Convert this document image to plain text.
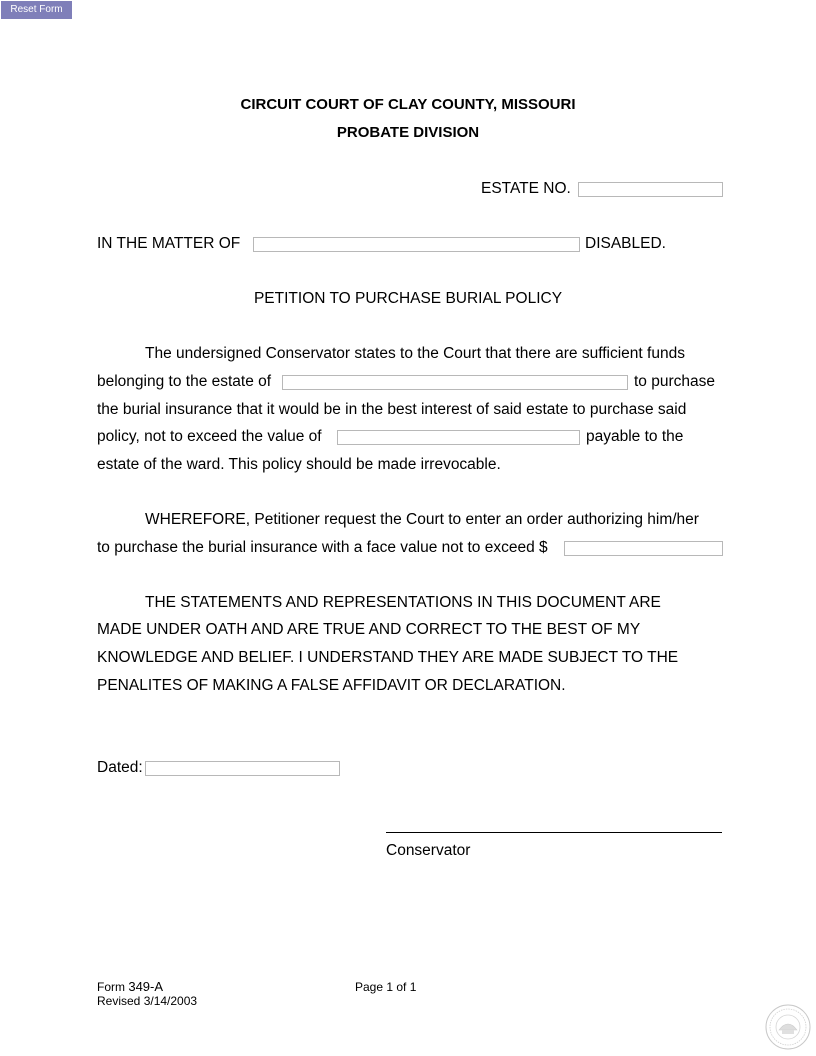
Reset Form
CIRCUIT COURT OF CLAY COUNTY, MISSOURI
PROBATE DIVISION
ESTATE NO.
IN THE MATTER OF	DISABLED.
PETITION TO PURCHASE BURIAL POLICY
The undersigned Conservator states to the Court that there are sufficient funds
belonging to the estate of	to purchase
the burial insurance that it would be in the best interest of said estate to purchase said
policy, not to exceed the value of	payable to the
estate of the ward. This policy should be made irrevocable.
WHEREFORE, Petitioner request the Court to enter an order authorizing him/her
to purchase the burial insurance with a face value not to exceed $
THE STATEMENTS AND REPRESENTATIONS IN THIS DOCUMENT ARE
MADE UNDER OATH AND ARE TRUE AND CORRECT TO THE BEST OF MY
KNOWLEDGE AND BELIEF. I UNDERSTAND THEY ARE MADE SUBJECT TO THE
PENALITES OF MAKING A FALSE AFFIDAVIT OR DECLARATION.
Dated:
Conservator
Form 349-A
Revised 3/14/2003
Page 1 of 1
